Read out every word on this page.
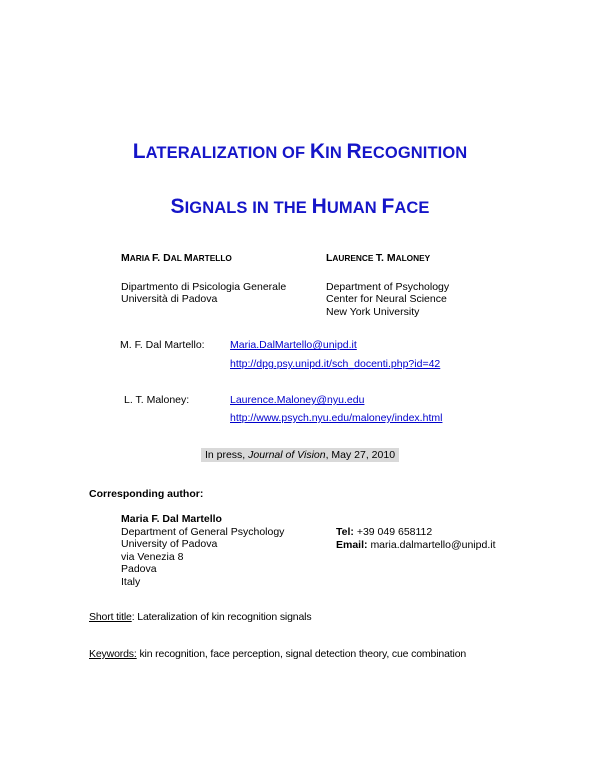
LATERALIZATION OF KIN RECOGNITION
SIGNALS IN THE HUMAN FACE
MARIA F. DAL MARTELLO
Dipartmento di Psicologia Generale
Università di Padova
LAURENCE T. MALONEY
Department of Psychology
Center for Neural Science
New York University
M. F. Dal Martello: Maria.DalMartello@unipd.it
http://dpg.psy.unipd.it/sch_docenti.php?id=42
L. T. Maloney:	Laurence.Maloney@nyu.edu
http://www.psych.nyu.edu/maloney/index.html
In press, Journal of Vision, May 27, 2010
Corresponding author:
Maria F. Dal Martello
Department of General Psychology
University of Padova
via Venezia 8
Padova
Italy
Tel: +39 049 658112
Email: maria.dalmartello@unipd.it
Short title: Lateralization of kin recognition signals
Keywords: kin recognition, face perception, signal detection theory, cue combination
